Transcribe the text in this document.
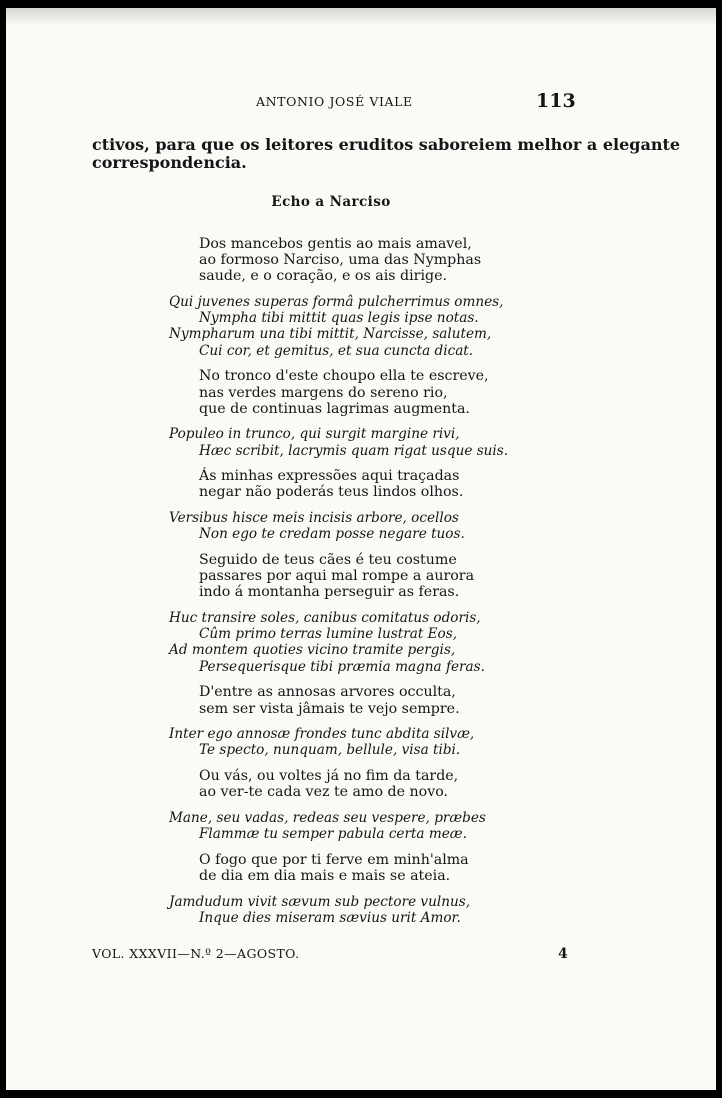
ANTONIO JOSÉ VIALE	113
ctivos, para que os leitores eruditos saboreiem melhor a elegante
correspondencia.
Echo a Narciso
Dos mancebos gentis ao mais amavel,
ao formoso Narciso, uma das Nymphas
saude, e o coração, e os ais dirige.
Qui juvenes superas formâ pulcherrimus omnes,
Nympha tibi mittit quas legis ipse notas.
Nympharum una tibi mittit, Narcisse, salutem,
Cui cor, et gemitus, et sua cuncta dicat.
No tronco d'este choupo ella te escreve,
nas verdes margens do sereno rio,
que de continuas lagrimas augmenta.
Populeo in trunco, qui surgit margine rivi,
Hæc scribit, lacrymis quam rigat usque suis.
Ás minhas expressões aqui traçadas
negar não poderás teus lindos olhos.
Versibus hisce meis incisis arbore, ocellos
Non ego te credam posse negare tuos.
Seguido de teus cães é teu costume
passares por aqui mal rompe a aurora
indo á montanha perseguir as feras.
Huc transire soles, canibus comitatus odoris,
Cûm primo terras lumine lustrat Eos,
Ad montem quoties vicino tramite pergis,
Persequerisque tibi præmia magna feras.
D'entre as annosas arvores occulta,
sem ser vista jâmais te vejo sempre.
Inter ego annosæ frondes tunc abdita silvæ,
Te specto, nunquam, bellule, visa tibi.
Ou vás, ou voltes já no fim da tarde,
ao ver-te cada vez te amo de novo.
Mane, seu vadas, redeas seu vespere, præbes
Flammæ tu semper pabula certa meæ.
O fogo que por ti ferve em minh'alma
de dia em dia mais e mais se ateia.
Jamdudum vivit sævum sub pectore vulnus,
Inque dies miseram sævius urit Amor.
VOL. XXXVII—N.º 2—AGOSTO.	4
